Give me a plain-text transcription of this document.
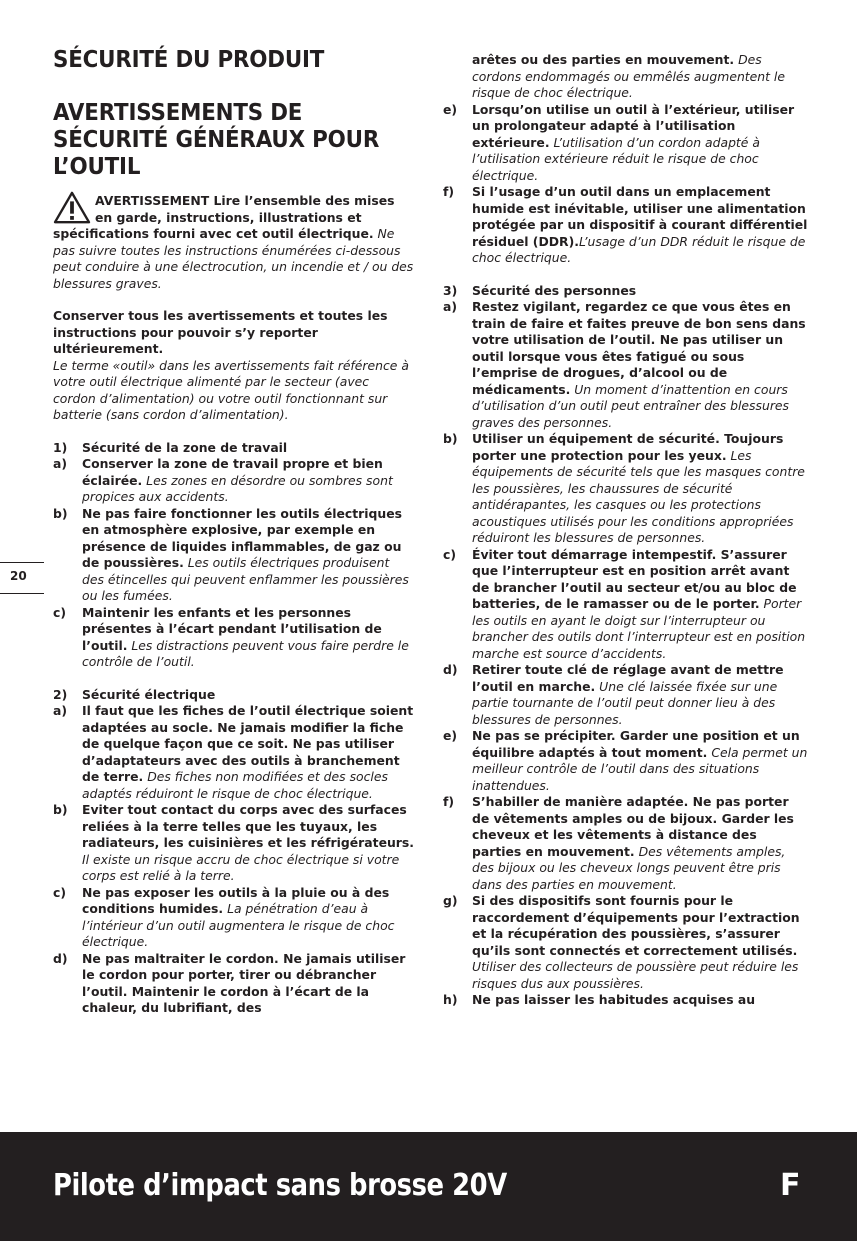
20
SÉCURITÉ DU PRODUIT
AVERTISSEMENTS DE
SÉCURITÉ GÉNÉRAUX POUR
L’OUTIL

AVERTISSEMENT Lire l’ensemble des mises en garde, instructions, illustrations et spécifications fourni avec cet outil électrique. Ne pas suivre toutes les instructions énumérées ci-dessous peut conduire à une électrocution, un incendie et / ou des blessures graves.

Conserver tous les avertissements et toutes les instructions pour pouvoir s’y reporter ultérieurement.

Le terme «outil» dans les avertissements fait référence à votre outil électrique alimenté par le secteur (avec cordon d’alimentation) ou votre outil fonctionnant sur batterie (sans cordon d’alimentation).

1) Sécurité de la zone de travail
a) Conserver la zone de travail propre et bien éclairée. Les zones en désordre ou sombres sont propices aux accidents.
b) Ne pas faire fonctionner les outils électriques en atmosphère explosive, par exemple en présence de liquides inflammables, de gaz ou de poussières. Les outils électriques produisent des étincelles qui peuvent enflammer les poussières ou les fumées.
c) Maintenir les enfants et les personnes présentes à l’écart pendant l’utilisation de l’outil. Les distractions peuvent vous faire perdre le contrôle de l’outil.
2) Sécurité électrique
a) Il faut que les fiches de l’outil électrique soient adaptées au socle. Ne jamais modifier la fiche de quelque façon que ce soit. Ne pas utiliser d’adaptateurs avec des outils à branchement de terre. Des fiches non modifiées et des socles adaptés réduiront le risque de choc électrique.
b) Eviter tout contact du corps avec des surfaces reliées à la terre telles que les tuyaux, les radiateurs, les cuisinières et les réfrigérateurs. Il existe un risque accru de choc électrique si votre corps est relié à la terre.
c) Ne pas exposer les outils à la pluie ou à des conditions humides. La pénétration d’eau à l’intérieur d’un outil augmentera le risque de choc électrique.
d) Ne pas maltraiter le cordon. Ne jamais utiliser le cordon pour porter, tirer ou débrancher l’outil. Maintenir le cordon à l’écart de la chaleur, du lubrifiant, des
arêtes ou des parties en mouvement. Des cordons endommagés ou emmêlés augmentent le risque de choc électrique.
e) Lorsqu’on utilise un outil à l’extérieur, utiliser un prolongateur adapté à l’utilisation extérieure. L’utilisation d’un cordon adapté à l’utilisation extérieure réduit le risque de choc électrique.
f) Si l’usage d’un outil dans un emplacement humide est inévitable, utiliser une alimentation protégée par un dispositif à courant différentiel résiduel (DDR).L’usage d’un DDR réduit le risque de choc électrique.
3) Sécurité des personnes
a) Restez vigilant, regardez ce que vous êtes en train de faire et faites preuve de bon sens dans votre utilisation de l’outil. Ne pas utiliser un outil lorsque vous êtes fatigué ou sous l’emprise de drogues, d’alcool ou de médicaments. Un moment d’inattention en cours d’utilisation d’un outil peut entraîner des blessures graves des personnes.
b) Utiliser un équipement de sécurité. Toujours porter une protection pour les yeux. Les équipements de sécurité tels que les masques contre les poussières, les chaussures de sécurité antidérapantes, les casques ou les protections acoustiques utilisés pour les conditions appropriées réduiront les blessures de personnes.
c) Éviter tout démarrage intempestif. S’assurer que l’interrupteur est en position arrêt avant de brancher l’outil au secteur et/ou au bloc de batteries, de le ramasser ou de le porter. Porter les outils en ayant le doigt sur l’interrupteur ou brancher des outils dont l’interrupteur est en position marche est source d’accidents.
d) Retirer toute clé de réglage avant de mettre l’outil en marche. Une clé laissée fixée sur une partie tournante de l’outil peut donner lieu à des blessures de personnes.
e) Ne pas se précipiter. Garder une position et un équilibre adaptés à tout moment. Cela permet un meilleur contrôle de l’outil dans des situations inattendues.
f) S’habiller de manière adaptée. Ne pas porter de vêtements amples ou de bijoux. Garder les cheveux et les vêtements à distance des parties en mouvement. Des vêtements amples, des bijoux ou les cheveux longs peuvent être pris dans des parties en mouvement.
g) Si des dispositifs sont fournis pour le raccordement d’équipements pour l’extraction et la récupération des poussières, s’assurer qu’ils sont connectés et correctement utilisés. Utiliser des collecteurs de poussière peut réduire les risques dus aux poussières.
h) Ne pas laisser les habitudes acquises au
Pilote d’impact sans brosse 20V	F
